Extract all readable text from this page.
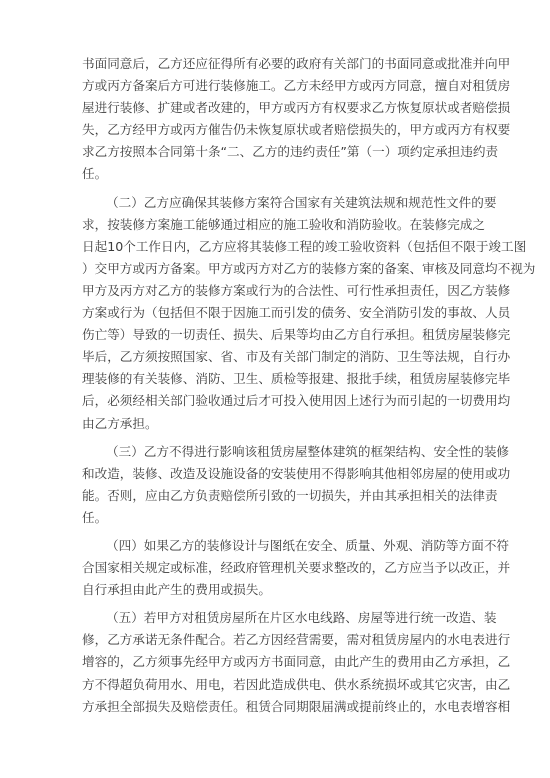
书面同意后，乙方还应征得所有必要的政府有关部门的书面同意或批准并向甲
方或丙方备案后方可进行装修施工。乙方未经甲方或丙方同意，擅自对租赁房
屋进行装修、扩建或者改建的，甲方或丙方有权要求乙方恢复原状或者赔偿损
失，乙方经甲方或丙方催告仍未恢复原状或者赔偿损失的，甲方或丙方有权要
求乙方按照本合同第十条“二、乙方的违约责任”第（一）项约定承担违约责
任。
（二）乙方应确保其装修方案符合国家有关建筑法规和规范性文件的要
求，按装修方案施工能够通过相应的施工验收和消防验收。在装修完成之
日起10个工作日内，乙方应将其装修工程的竣工验收资料（包括但不限于竣工图
）交甲方或丙方备案。甲方或丙方对乙方的装修方案的备案、审核及同意均不视为
甲方及丙方对乙方的装修方案或行为的合法性、可行性承担责任，因乙方装修
方案或行为（包括但不限于因施工而引发的债务、安全消防引发的事故、人员
伤亡等）导致的一切责任、损失、后果等均由乙方自行承担。租赁房屋装修完
毕后，乙方须按照国家、省、市及有关部门制定的消防、卫生等法规，自行办
理装修的有关装修、消防、卫生、质检等报建、报批手续，租赁房屋装修完毕
后，必须经相关部门验收通过后才可投入使用因上述行为而引起的一切费用均
由乙方承担。
（三）乙方不得进行影响该租赁房屋整体建筑的框架结构、安全性的装修
和改造，装修、改造及设施设备的安装使用不得影响其他相邻房屋的使用或功
能。否则，应由乙方负责赔偿所引致的一切损失，并由其承担相关的法律责
任。
（四）如果乙方的装修设计与图纸在安全、质量、外观、消防等方面不符
合国家相关规定或标准，经政府管理机关要求整改的，乙方应当予以改正，并
自行承担由此产生的费用或损失。
（五）若甲方对租赁房屋所在片区水电线路、房屋等进行统一改造、装
修，乙方承诺无条件配合。若乙方因经营需要，需对租赁房屋内的水电表进行
增容的，乙方须事先经甲方或丙方书面同意，由此产生的费用由乙方承担，乙
方不得超负荷用水、用电，若因此造成供电、供水系统损坏或其它灾害，由乙
方承担全部损失及赔偿责任。租赁合同期限届满或提前终止的，水电表增容相
